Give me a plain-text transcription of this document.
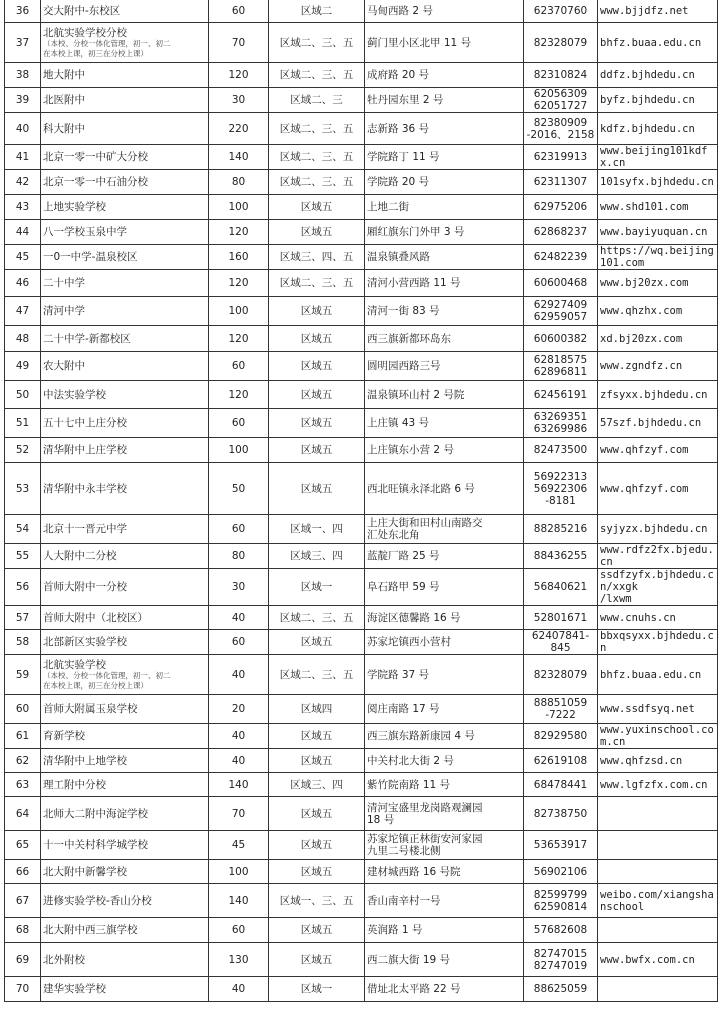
36	交大附中-东校区	60	区域二	马甸西路 2 号	62370760	www.bjjdfz.net

37	北航实验学校分校
（本校、分校一体化管理，初一、初二
在本校上课，初三在分校上课）	70	区域二、三、五	蓟门里小区北甲 11 号	82328079	bhfz.buaa.edu.cn

38	地大附中	120	区域二、三、五	成府路 20 号	82310824	ddfz.bjhdedu.cn

39	北医附中	30	区域二、三	牡丹园东里 2 号	62056309
62051727	byfz.bjhdedu.cn

40	科大附中	220	区域二、三、五	志新路 36 号	82380909
-2016、2158	kdfz.bjhdedu.cn

41	北京一零一中矿大分校	140	区域二、三、五	学院路丁 11 号	62319913	www.beijing101kdfx.cn

42	北京一零一中石油分校	80	区域二、三、五	学院路 20 号	62311307	101syfx.bjhdedu.cn

43	上地实验学校	100	区域五	上地二街	62975206	www.shd101.com

44	八一学校玉泉中学	120	区域五	厢红旗东门外甲 3 号	62868237	www.bayiyuquan.cn

45	一0一中学-温泉校区	160	区域三、四、五	温泉镇叠风路	62482239	https://wq.beijing101.com

46	二十中学	120	区域二、三、五	清河小营西路 11 号	60600468	www.bj20zx.com

47	清河中学	100	区域五	清河一街 83 号	62927409
62959057	www.qhzhx.com

48	二十中学-新都校区	120	区域五	西三旗新都环岛东	60600382	xd.bj20zx.com

49	农大附中	60	区域五	圆明园西路三号	62818575
62896811	www.zgndfz.cn

50	中法实验学校	120	区域五	温泉镇环山村 2 号院	62456191	zfsyxx.bjhdedu.cn

51	五十七中上庄分校	60	区域五	上庄镇 43 号	63269351
63269986	57szf.bjhdedu.cn

52	清华附中上庄学校	100	区域五	上庄镇东小营 2 号	82473500	www.qhfzyf.com

53	清华附中永丰学校	50	区域五	西北旺镇永泽北路 6 号	56922313
56922306
-8181	www.qhfzyf.com

54	北京十一晋元中学	60	区域一、四	上庄大街和田村山南路交
汇处东北角	88285216	syjyzx.bjhdedu.cn

55	人大附中二分校	80	区域三、四	蓝靛厂路 25 号	88436255	www.rdfz2fx.bjedu.cn

56	首师大附中一分校	30	区域一	阜石路甲 59 号	56840621	ssdfzyfx.bjhdedu.cn/xxgk
/lxwm

57	首师大附中（北校区）	40	区域二、三、五	海淀区德馨路 16 号	52801671	www.cnuhs.cn

58	北部新区实验学校	60	区域五	苏家坨镇西小营村	62407841-845	bbxqsyxx.bjhdedu.cn

59	北航实验学校
（本校、分校一体化管理，初一、初二
在本校上课，初三在分校上课）	40	区域二、三、五	学院路 37 号	82328079	bhfz.buaa.edu.cn

60	首师大附属玉泉学校	20	区域四	阅庄南路 17 号	88851059
-7222	www.ssdfsyq.net

61	育新学校	40	区域五	西三旗东路新康园 4 号	82929580	www.yuxinschool.com.cn

62	清华附中上地学校	40	区域五	中关村北大街 2 号	62619108	www.qhfzsd.cn

63	理工附中分校	140	区域三、四	紫竹院南路 11 号	68478441	www.lgfzfx.com.cn

64	北师大二附中海淀学校	70	区域五	清河宝盛里龙岗路观澜园
18 号	82738750	

65	十一中关村科学城学校	45	区域五	苏家坨镇正林街安河家园
九里二号楼北侧	53653917	

66	北大附中新馨学校	100	区域五	建材城西路 16 号院	56902106	

67	进修实验学校-香山分校	140	区域一、三、五	香山南辛村一号	82599799
62590814	weibo.com/xiangshanschool

68	北大附中西三旗学校	60	区域五	英润路 1 号	57682608	

69	北外附校	130	区域五	西二旗大街 19 号	82747015
82747019	www.bwfx.com.cn

70	建华实验学校	40	区域一	借址北太平路 22 号	88625059	
